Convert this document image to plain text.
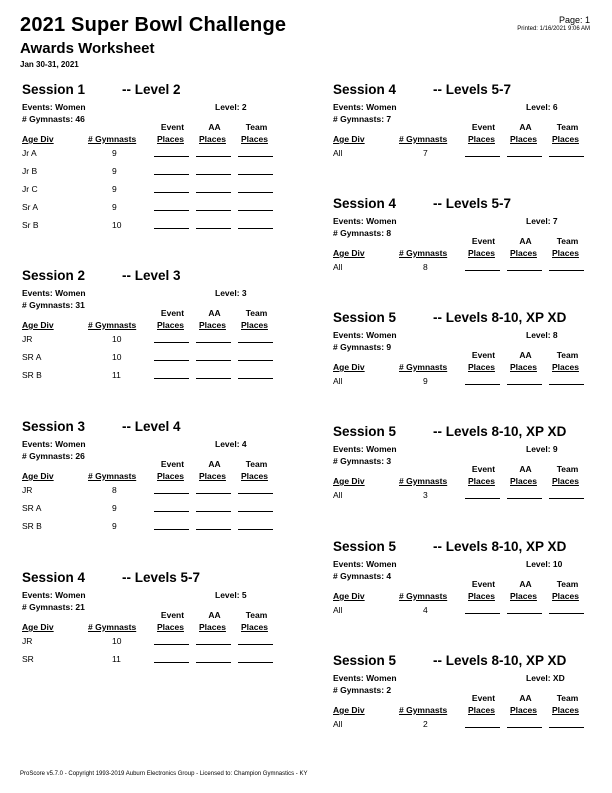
2021 Super Bowl Challenge
Awards Worksheet
Jan 30-31, 2021
Page: 1
Printed: 1/16/2021 9:06 AM
Session 1	-- Level 2
Events: Women	Level: 2
# Gymnasts: 46
Event	AA	Team
Age Div	# Gymnasts Places Places Places
Jr A	9
Jr B	9
Jr C	9
Sr A	9
Sr B	10
Session 2	-- Level 3
Events: Women	Level: 3
# Gymnasts: 31
Event	AA	Team
Age Div	# Gymnasts Places Places Places
JR	10
SR A	10
SR B	11
Session 3	-- Level 4
Events: Women	Level: 4
# Gymnasts: 26
Event	AA	Team
Age Div	# Gymnasts Places Places Places
JR	8
SR A	9
SR B	9
Session 4	-- Levels 5-7
Events: Women	Level: 5
# Gymnasts: 21
Event	AA	Team
Age Div	# Gymnasts Places Places Places
JR	10
SR	11
Session 4	-- Levels 5-7
Events: Women	Level: 6
# Gymnasts: 7
Event	AA	Team
Age Div	# Gymnasts Places Places Places
All	7
Session 4	-- Levels 5-7
Events: Women	Level: 7
# Gymnasts: 8
Event	AA	Team
Age Div	# Gymnasts Places Places Places
All	8
Session 5	-- Levels 8-10, XP XD
Events: Women	Level: 8
# Gymnasts: 9
Event	AA	Team
Age Div	# Gymnasts Places Places Places
All	9
Session 5	-- Levels 8-10, XP XD
Events: Women	Level: 9
# Gymnasts: 3
Event	AA	Team
Age Div	# Gymnasts Places Places Places
All	3
Session 5	-- Levels 8-10, XP XD
Events: Women	Level: 10
# Gymnasts: 4
Event	AA	Team
Age Div	# Gymnasts Places Places Places
All	4
Session 5	-- Levels 8-10, XP XD
Events: Women	Level: XD
# Gymnasts: 2
Event	AA	Team
Age Div	# Gymnasts Places Places Places
All	2
ProScore v5.7.0 - Copyright 1993-2019 Auburn Electronics Group - Licensed to: Champion Gymnastics - KY
